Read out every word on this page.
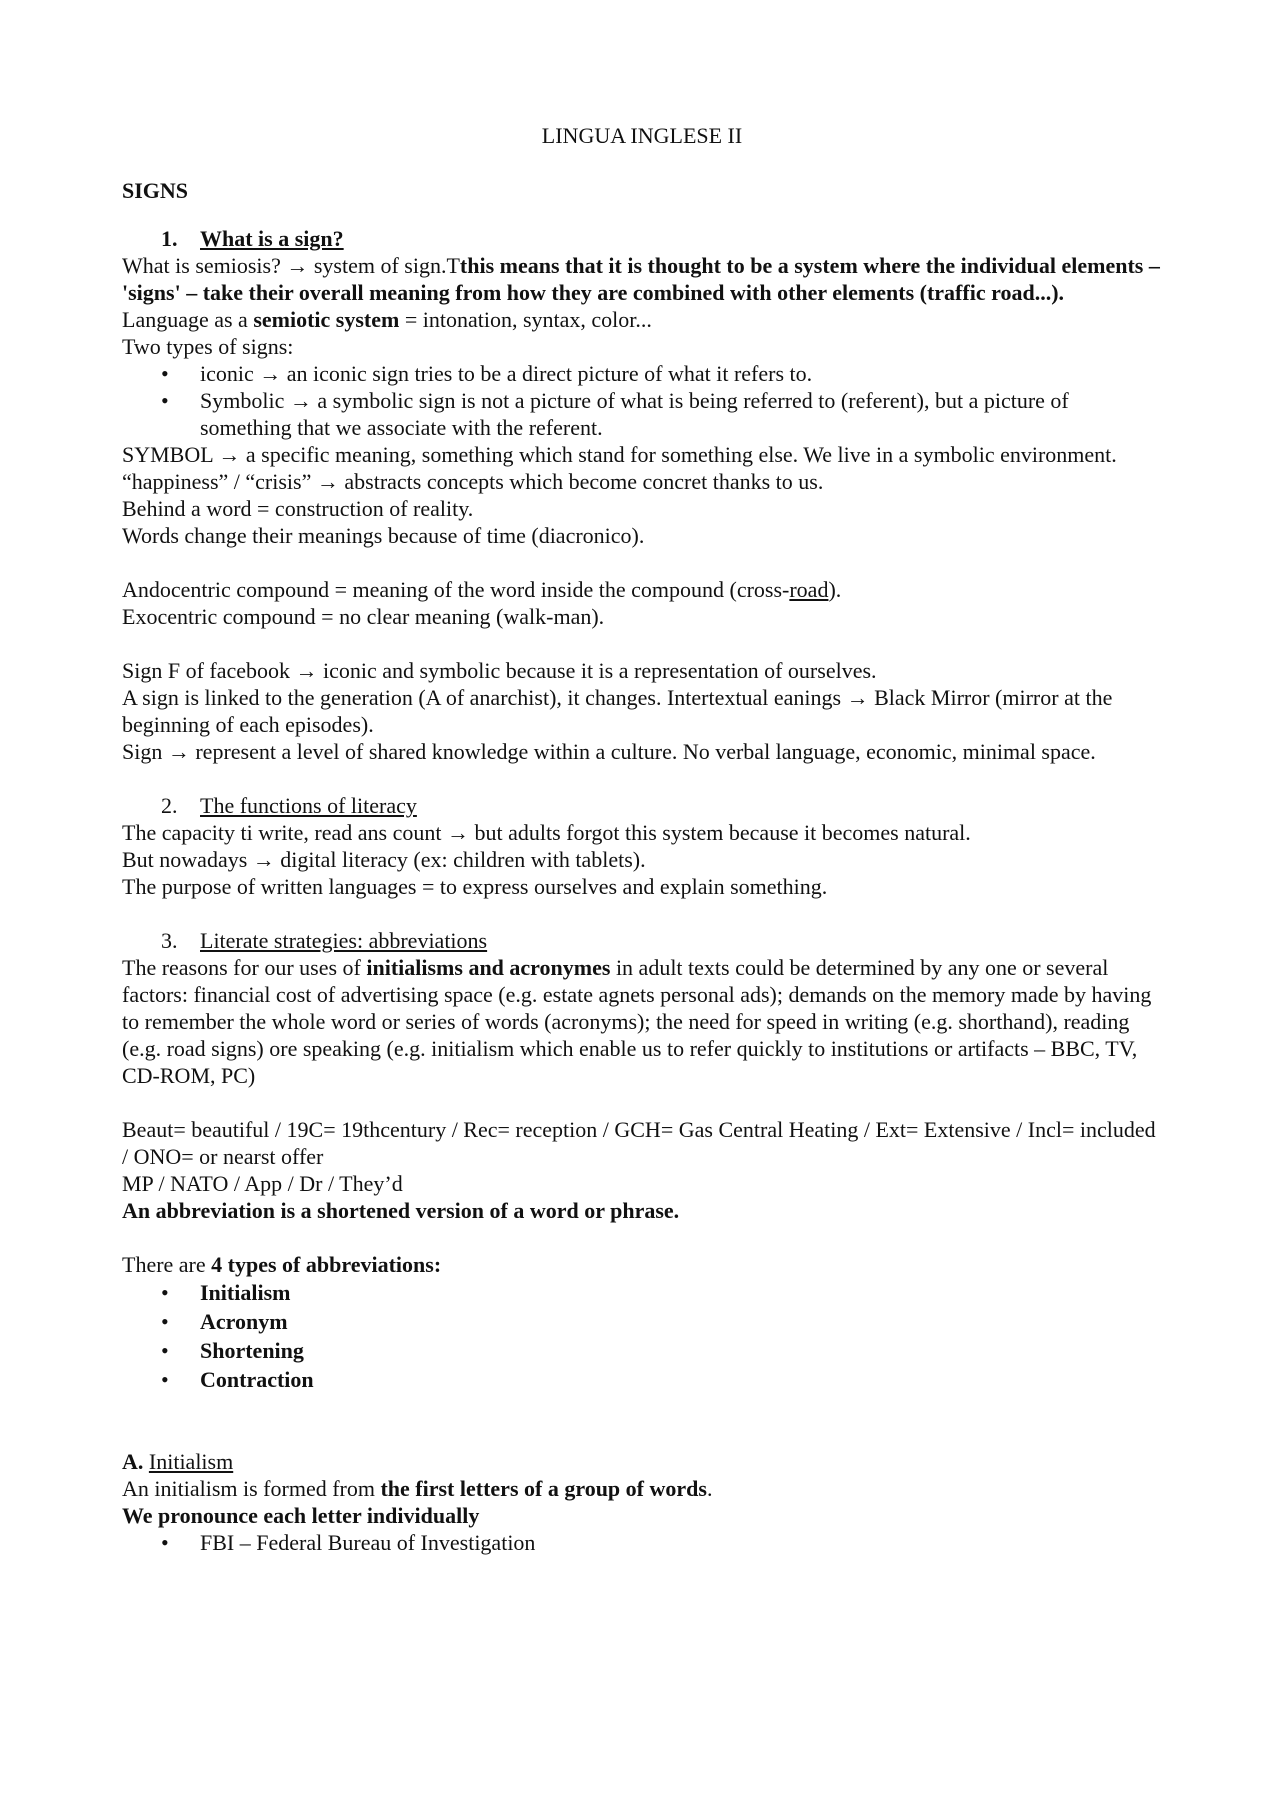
LINGUA INGLESE II

SIGNS

1.	What is a sign?

What is semiosis? → system of sign.Tthis means that it is thought to be a system where the individual elements – 'signs' – take their overall meaning from how they are combined with other elements (traffic road...).

Language as a semiotic system = intonation, syntax, color...

Two types of signs:

•	iconic → an iconic sign tries to be a direct picture of what it refers to.
•	Symbolic → a symbolic sign is not a picture of what is being referred to (referent), but a picture of something that we associate with the referent.

SYMBOL → a specific meaning, something which stand for something else. We live in a symbolic environment.

“happiness” / “crisis” → abstracts concepts which become concret thanks to us.

Behind a word = construction of reality.

Words change their meanings because of time (diacronico).

Andocentric compound = meaning of the word inside the compound (cross-road).

Exocentric compound = no clear meaning (walk-man).

Sign F of facebook → iconic and symbolic because it is a representation of ourselves.

A sign is linked to the generation (A of anarchist), it changes. Intertextual eanings → Black Mirror (mirror at the beginning of each episodes).

Sign → represent a level of shared knowledge within a culture. No verbal language, economic, minimal space.

2.	The functions of literacy

The capacity ti write, read ans count → but adults forgot this system because it becomes natural.

But nowadays → digital literacy (ex: children with tablets).

The purpose of written languages = to express ourselves and explain something.

3.	Literate strategies: abbreviations

The reasons for our uses of initialisms and acronymes in adult texts could be determined by any one or several factors: financial cost of advertising space (e.g. estate agnets personal ads); demands on the memory made by having to remember the whole word or series of words (acronyms); the need for speed in writing (e.g. shorthand), reading (e.g. road signs) ore speaking (e.g. initialism which enable us to refer quickly to institutions or artifacts – BBC, TV, CD-ROM, PC)

Beaut= beautiful / 19C= 19thcentury / Rec= reception / GCH= Gas Central Heating / Ext= Extensive / Incl= included / ONO= or nearst offer

MP / NATO / App / Dr / They’d

An abbreviation is a shortened version of a word or phrase.

There are 4 types of abbreviations:

•	Initialism
•	Acronym
•	Shortening
•	Contraction

A. Initialism

An initialism is formed from the first letters of a group of words.

We pronounce each letter individually

•	FBI – Federal Bureau of Investigation
